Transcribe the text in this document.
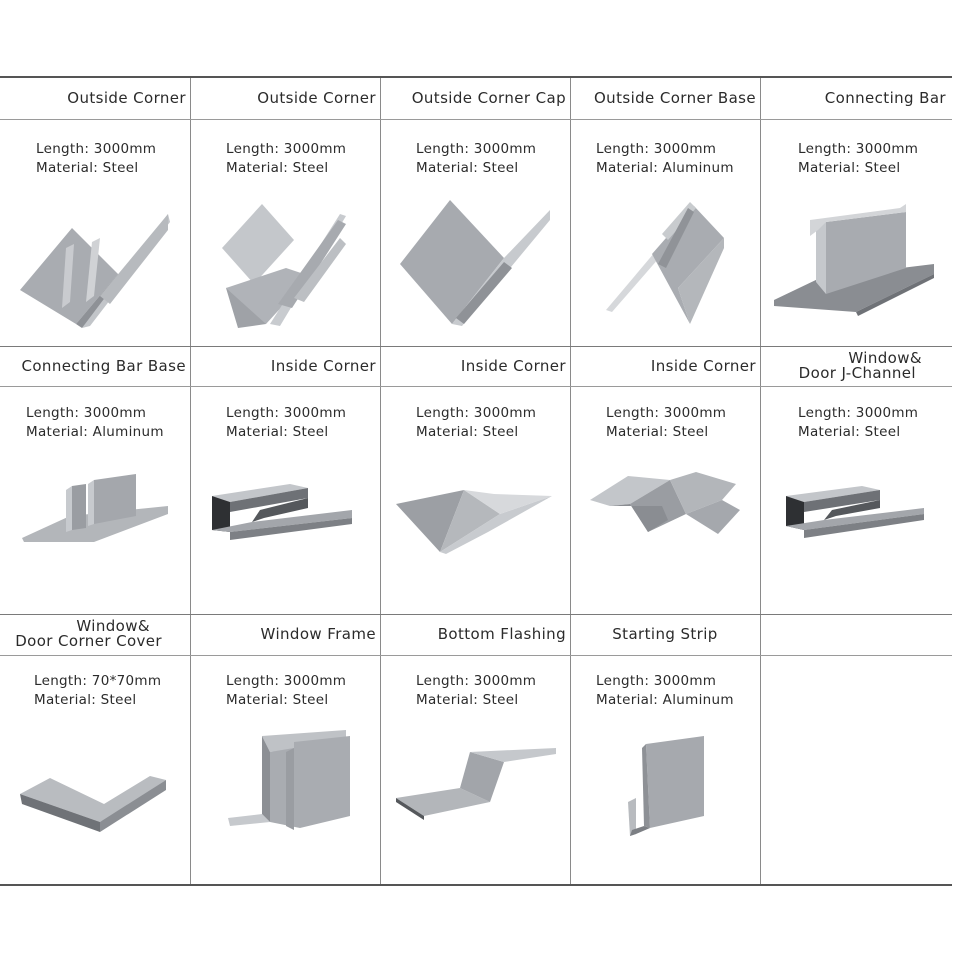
Outside Corner
Length: 3000mm
Material: Steel
Outside Corner
Length: 3000mm
Material: Steel
Outside Corner Cap
Length: 3000mm
Material: Steel
Outside Corner Base
Length: 3000mm
Material: Aluminum
Connecting Bar
Length: 3000mm
Material: Steel
Connecting Bar Base
Length: 3000mm
Material: Aluminum
Inside Corner
Length: 3000mm
Material: Steel
Inside Corner
Length: 3000mm
Material: Steel
Inside Corner
Length: 3000mm
Material: Steel
Window&
Door J-Channel
Length: 3000mm
Material: Steel
Window&
Door Corner Cover
Length: 70*70mm
Material: Steel
Window Frame
Length: 3000mm
Material: Steel
Bottom Flashing
Length: 3000mm
Material: Steel
Starting Strip
Length: 3000mm
Material: Aluminum
